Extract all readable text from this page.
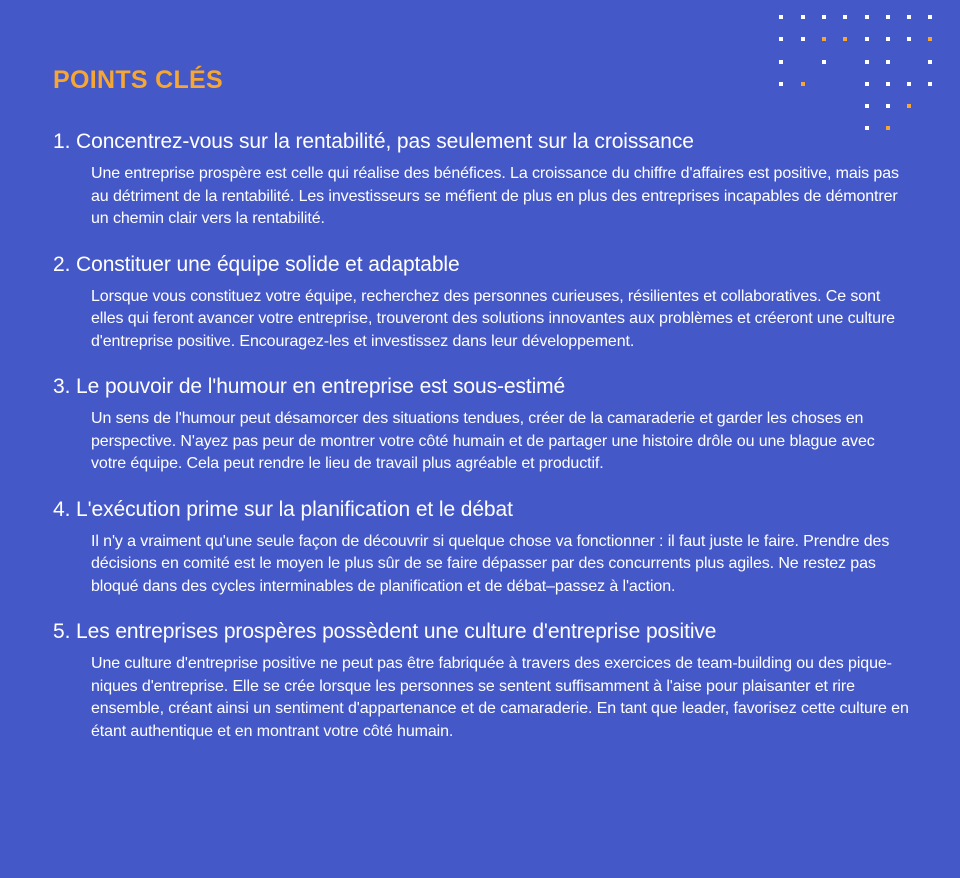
POINTS CLÉS
1. Concentrez-vous sur la rentabilité, pas seulement sur la croissance

Une entreprise prospère est celle qui réalise des bénéfices. La croissance du chiffre d'affaires est positive, mais pas au détriment de la rentabilité. Les investisseurs se méfient de plus en plus des entreprises incapables de démontrer un chemin clair vers la rentabilité.

2. Constituer une équipe solide et adaptable

Lorsque vous constituez votre équipe, recherchez des personnes curieuses, résilientes et collaboratives. Ce sont elles qui feront avancer votre entreprise, trouveront des solutions innovantes aux problèmes et créeront une culture d'entreprise positive. Encouragez-les et investissez dans leur développement.

3. Le pouvoir de l'humour en entreprise est sous-estimé

Un sens de l'humour peut désamorcer des situations tendues, créer de la camaraderie et garder les choses en perspective. N'ayez pas peur de montrer votre côté humain et de partager une histoire drôle ou une blague avec votre équipe. Cela peut rendre le lieu de travail plus agréable et productif.

4. L'exécution prime sur la planification et le débat

Il n'y a vraiment qu'une seule façon de découvrir si quelque chose va fonctionner : il faut juste le faire. Prendre des décisions en comité est le moyen le plus sûr de se faire dépasser par des concurrents plus agiles. Ne restez pas bloqué dans des cycles interminables de planification et de débat–passez à l'action.

5. Les entreprises prospères possèdent une culture d'entreprise positive

Une culture d'entreprise positive ne peut pas être fabriquée à travers des exercices de team-building ou des pique-niques d'entreprise. Elle se crée lorsque les personnes se sentent suffisamment à l'aise pour plaisanter et rire ensemble, créant ainsi un sentiment d'appartenance et de camaraderie. En tant que leader, favorisez cette culture en étant authentique et en montrant votre côté humain.
